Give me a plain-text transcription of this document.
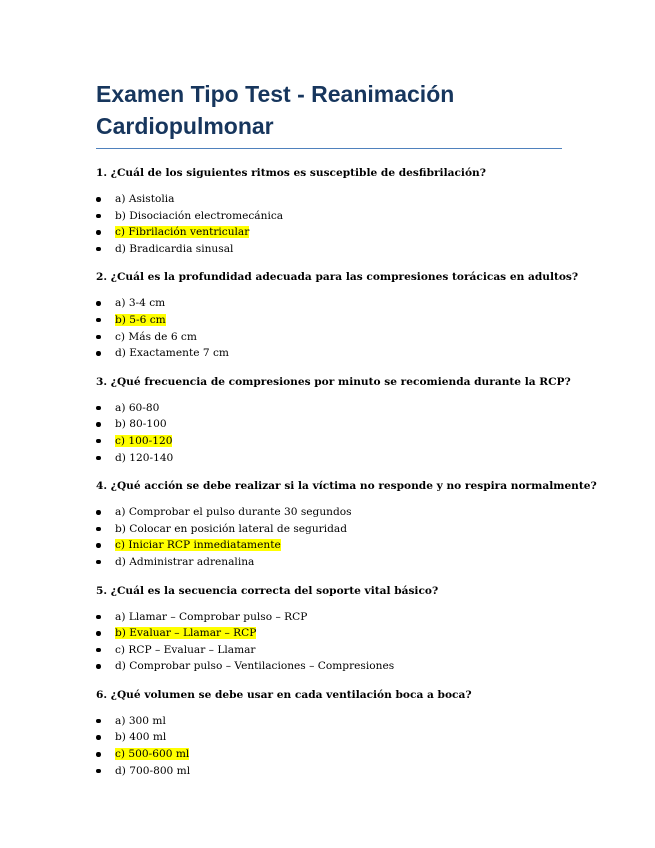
Examen Tipo Test - Reanimación
Cardiopulmonar

1. ¿Cuál de los siguientes ritmos es susceptible de desfibrilación?

a) Asistolia
b) Disociación electromecánica
c) Fibrilación ventricular
d) Bradicardia sinusal

2. ¿Cuál es la profundidad adecuada para las compresiones torácicas en adultos?

a) 3-4 cm
b) 5-6 cm
c) Más de 6 cm
d) Exactamente 7 cm

3. ¿Qué frecuencia de compresiones por minuto se recomienda durante la RCP?

a) 60-80
b) 80-100
c) 100-120
d) 120-140

4. ¿Qué acción se debe realizar si la víctima no responde y no respira normalmente?

a) Comprobar el pulso durante 30 segundos
b) Colocar en posición lateral de seguridad
c) Iniciar RCP inmediatamente
d) Administrar adrenalina

5. ¿Cuál es la secuencia correcta del soporte vital básico?

a) Llamar – Comprobar pulso – RCP
b) Evaluar – Llamar – RCP
c) RCP – Evaluar – Llamar
d) Comprobar pulso – Ventilaciones – Compresiones

6. ¿Qué volumen se debe usar en cada ventilación boca a boca?

a) 300 ml
b) 400 ml
c) 500-600 ml
d) 700-800 ml
